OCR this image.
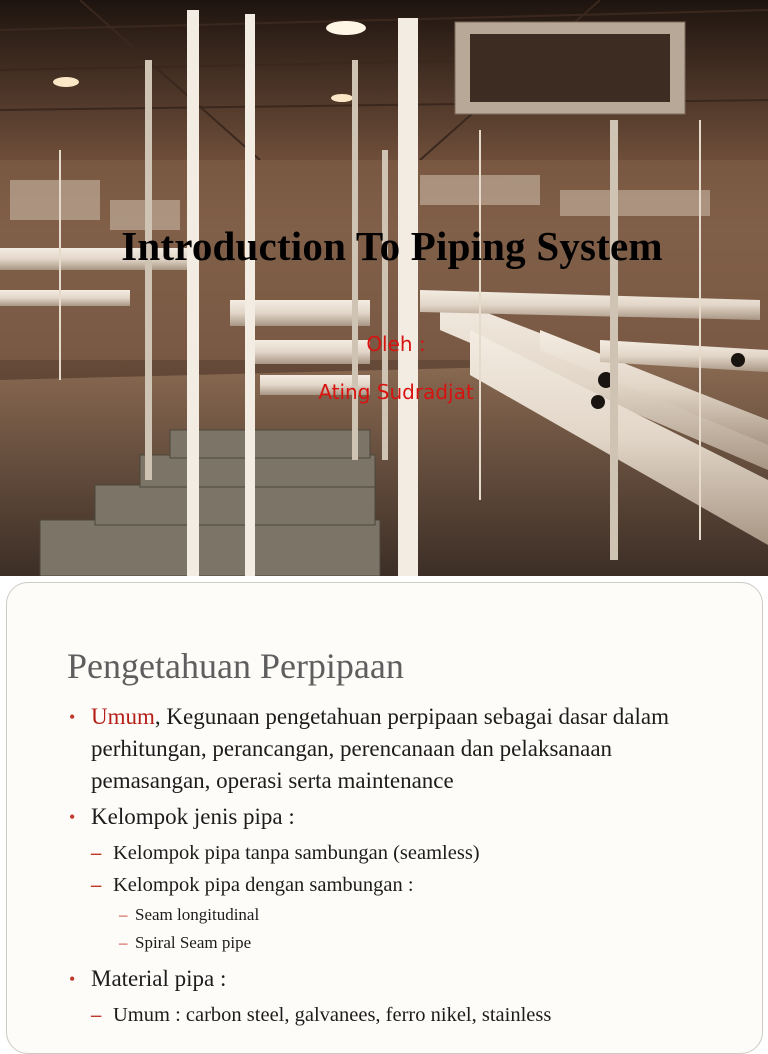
Introduction To Piping System
Oleh :
Ating Sudradjat
Pengetahuan Perpipaan
• Umum, Kegunaan pengetahuan perpipaan sebagai dasar dalam perhitungan, perancangan, perencanaan dan pelaksanaan pemasangan, operasi serta maintenance
• Kelompok jenis pipa :
– Kelompok pipa tanpa sambungan (seamless)
– Kelompok pipa dengan sambungan :
– Seam longitudinal
– Spiral Seam pipe
• Material pipa :
– Umum : carbon steel, galvanees, ferro nikel, stainless
